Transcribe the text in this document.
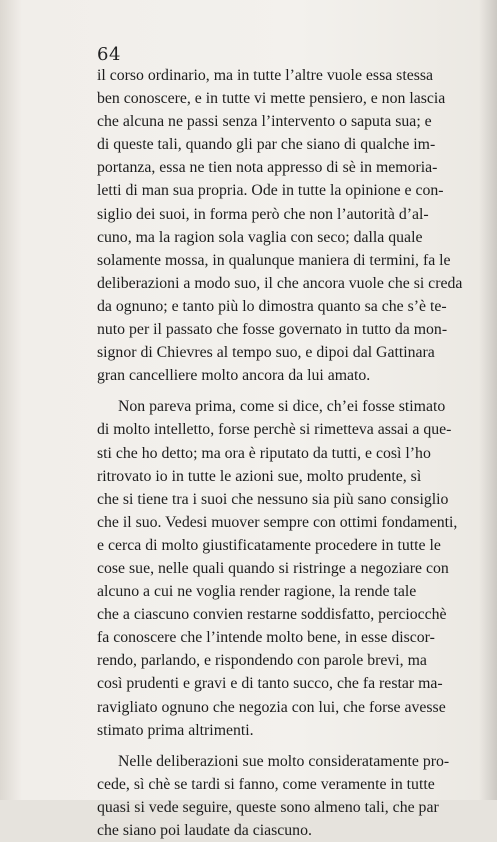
64
il corso ordinario, ma in tutte l’altre vuole essa stessa
ben conoscere, e in tutte vi mette pensiero, e non lascia
che alcuna ne passi senza l’intervento o saputa sua; e
di queste tali, quando gli par che siano di qualche im-
portanza, essa ne tien nota appresso di sè in memoria-
letti di man sua propria. Ode in tutte la opinione e con-
siglio dei suoi, in forma però che non l’autorità d’al-
cuno, ma la ragion sola vaglia con seco; dalla quale
solamente mossa, in qualunque maniera di termini, fa le
deliberazioni a modo suo, il che ancora vuole che si creda
da ognuno; e tanto più lo dimostra quanto sa che s’è te-
nuto per il passato che fosse governato in tutto da mon-
signor di Chievres al tempo suo, e dipoi dal Gattinara
gran cancelliere molto ancora da lui amato.
Non pareva prima, come si dice, ch’ei fosse stimato
di molto intelletto, forse perchè si rimetteva assai a que-
sti che ho detto; ma ora è riputato da tutti, e così l’ho
ritrovato io in tutte le azioni sue, molto prudente, sì
che si tiene tra i suoi che nessuno sia più sano consiglio
che il suo. Vedesi muover sempre con ottimi fondamenti,
e cerca di molto giustificatamente procedere in tutte le
cose sue, nelle quali quando si ristringe a negoziare con
alcuno a cui ne voglia render ragione, la rende tale
che a ciascuno convien restarne soddisfatto, perciocchè
fa conoscere che l’intende molto bene, in esse discor-
rendo, parlando, e rispondendo con parole brevi, ma
così prudenti e gravi e di tanto succo, che fa restar ma-
ravigliato ognuno che negozia con lui, che forse avesse
stimato prima altrimenti.
Nelle deliberazioni sue molto consideratamente pro-
cede, sì chè se tardi si fanno, come veramente in tutte
quasi si vede seguire, queste sono almeno tali, che par
che siano poi laudate da ciascuno.
